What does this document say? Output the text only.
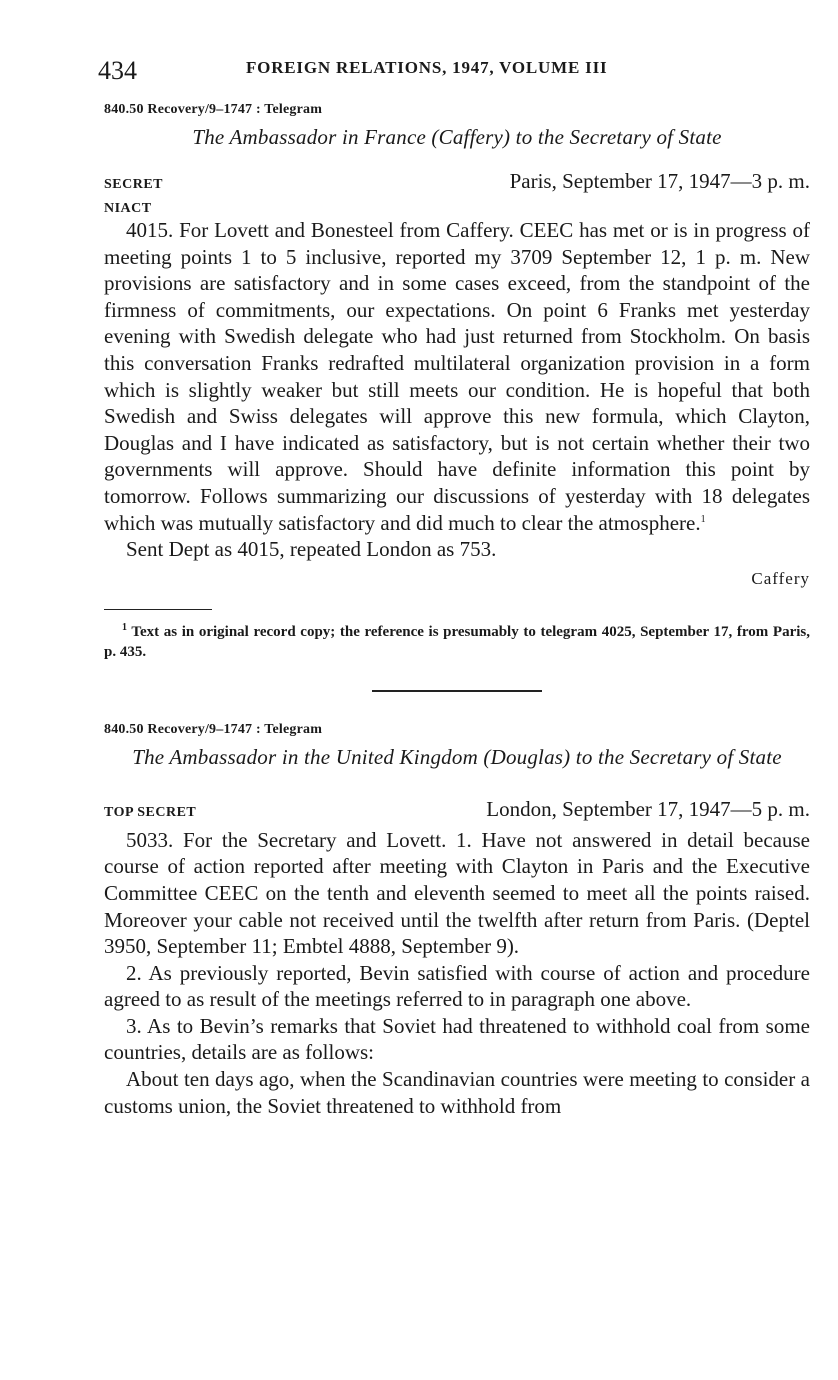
434	FOREIGN RELATIONS, 1947, VOLUME III
840.50 Recovery/9–1747 : Telegram
The Ambassador in France (Caffery) to the Secretary of State
SECRET	Paris, September 17, 1947—3 p. m.
NIACT

4015. For Lovett and Bonesteel from Caffery. CEEC has met or is in progress of meeting points 1 to 5 inclusive, reported my 3709 September 12, 1 p. m. New provisions are satisfactory and in some cases exceed, from the standpoint of the firmness of commitments, our expectations. On point 6 Franks met yesterday evening with Swedish delegate who had just returned from Stockholm. On basis this conversation Franks redrafted multilateral organization provision in a form which is slightly weaker but still meets our condition. He is hopeful that both Swedish and Swiss delegates will approve this new formula, which Clayton, Douglas and I have indicated as satisfactory, but is not certain whether their two governments will approve. Should have definite information this point by tomorrow. Follows summarizing our discussions of yesterday with 18 delegates which was mutually satisfactory and did much to clear the atmosphere.$^1$

Sent Dept as 4015, repeated London as 753.

Caffery
$^1$ Text as in original record copy; the reference is presumably to telegram 4025, September 17, from Paris, p. 435.
840.50 Recovery/9–1747 : Telegram
The Ambassador in the United Kingdom (Douglas) to the Secretary of State
TOP SECRET	London, September 17, 1947—5 p. m.

5033. For the Secretary and Lovett. 1. Have not answered in detail because course of action reported after meeting with Clayton in Paris and the Executive Committee CEEC on the tenth and eleventh seemed to meet all the points raised. Moreover your cable not received until the twelfth after return from Paris. (Deptel 3950, September 11; Embtel 4888, September 9).

2. As previously reported, Bevin satisfied with course of action and procedure agreed to as result of the meetings referred to in paragraph one above.

3. As to Bevin’s remarks that Soviet had threatened to withhold coal from some countries, details are as follows:

About ten days ago, when the Scandinavian countries were meeting to consider a customs union, the Soviet threatened to withhold from
